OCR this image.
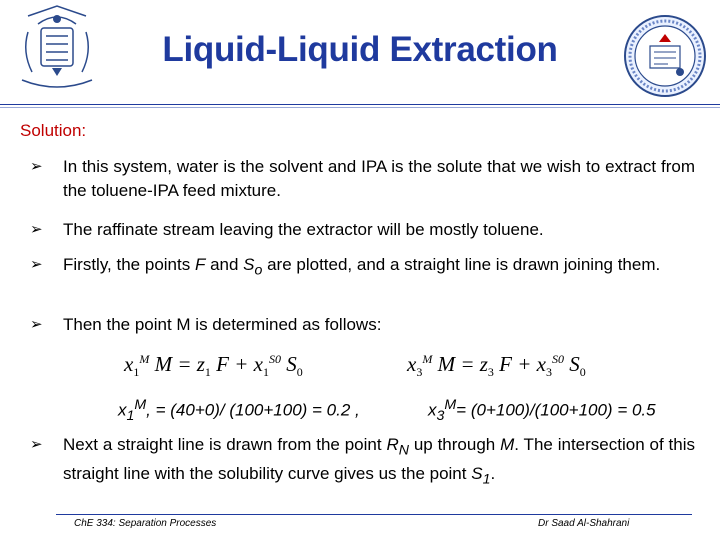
Liquid-Liquid Extraction
Solution:
➢	In this system, water is the solvent and IPA is the solute that we wish to extract from the toluene-IPA feed mixture.
➢	The raffinate stream leaving the extractor will be mostly toluene.
➢	Firstly, the points F and $S_o$ are plotted, and a straight line is drawn joining them.
➢	Then the point M is determined as follows:
$x_1^M$ $M = z_1$ $F + x_1^{S0}$ $S_0$	$x_3^M$ $M = z_3$ $F + x_3^{S0}$ $S_0$
$x_1^M$, = (40+0)/ (100+100) = 0.2 ,	$x_3^M= (0+100)/(100+100) = 0.5$
➢	Next a straight line is drawn from the point $R_N$ up through M. The intersection of this straight line with the solubility curve gives us the point $S_1$.
ChE 334: Separation Processes	Dr Saad Al-Shahrani
